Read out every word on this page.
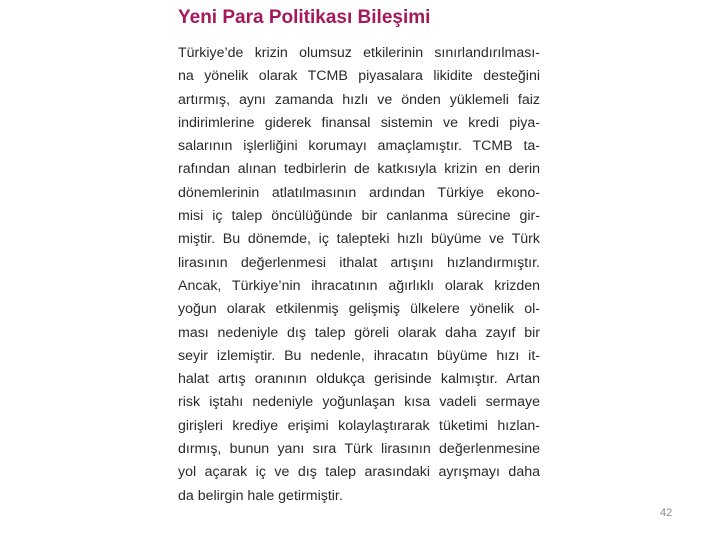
Yeni Para Politikası Bileşimi
Türkiye’de krizin olumsuz etkilerinin sınırlandırılması-
na yönelik olarak TCMB piyasalara likidite desteğini
artırmış, aynı zamanda hızlı ve önden yüklemeli faiz
indirimlerine giderek finansal sistemin ve kredi piya-
salarının işlerliğini korumayı amaçlamıştır. TCMB ta-
rafından alınan tedbirlerin de katkısıyla krizin en derin
dönemlerinin atlatılmasının ardından Türkiye ekono-
misi iç talep öncülüğünde bir canlanma sürecine gir-
miştir. Bu dönemde, iç talepteki hızlı büyüme ve Türk
lirasının değerlenmesi ithalat artışını hızlandırmıştır.
Ancak, Türkiye’nin ihracatının ağırlıklı olarak krizden
yoğun olarak etkilenmiş gelişmiş ülkelere yönelik ol-
ması nedeniyle dış talep göreli olarak daha zayıf bir
seyir izlemiştir. Bu nedenle, ihracatın büyüme hızı it-
halat artış oranının oldukça gerisinde kalmıştır. Artan
risk iştahı nedeniyle yoğunlaşan kısa vadeli sermaye
girişleri krediye erişimi kolaylaştırarak tüketimi hızlan-
dırmış, bunun yanı sıra Türk lirasının değerlenmesine
yol açarak iç ve dış talep arasındaki ayrışmayı daha
da belirgin hale getirmiştir.
42
